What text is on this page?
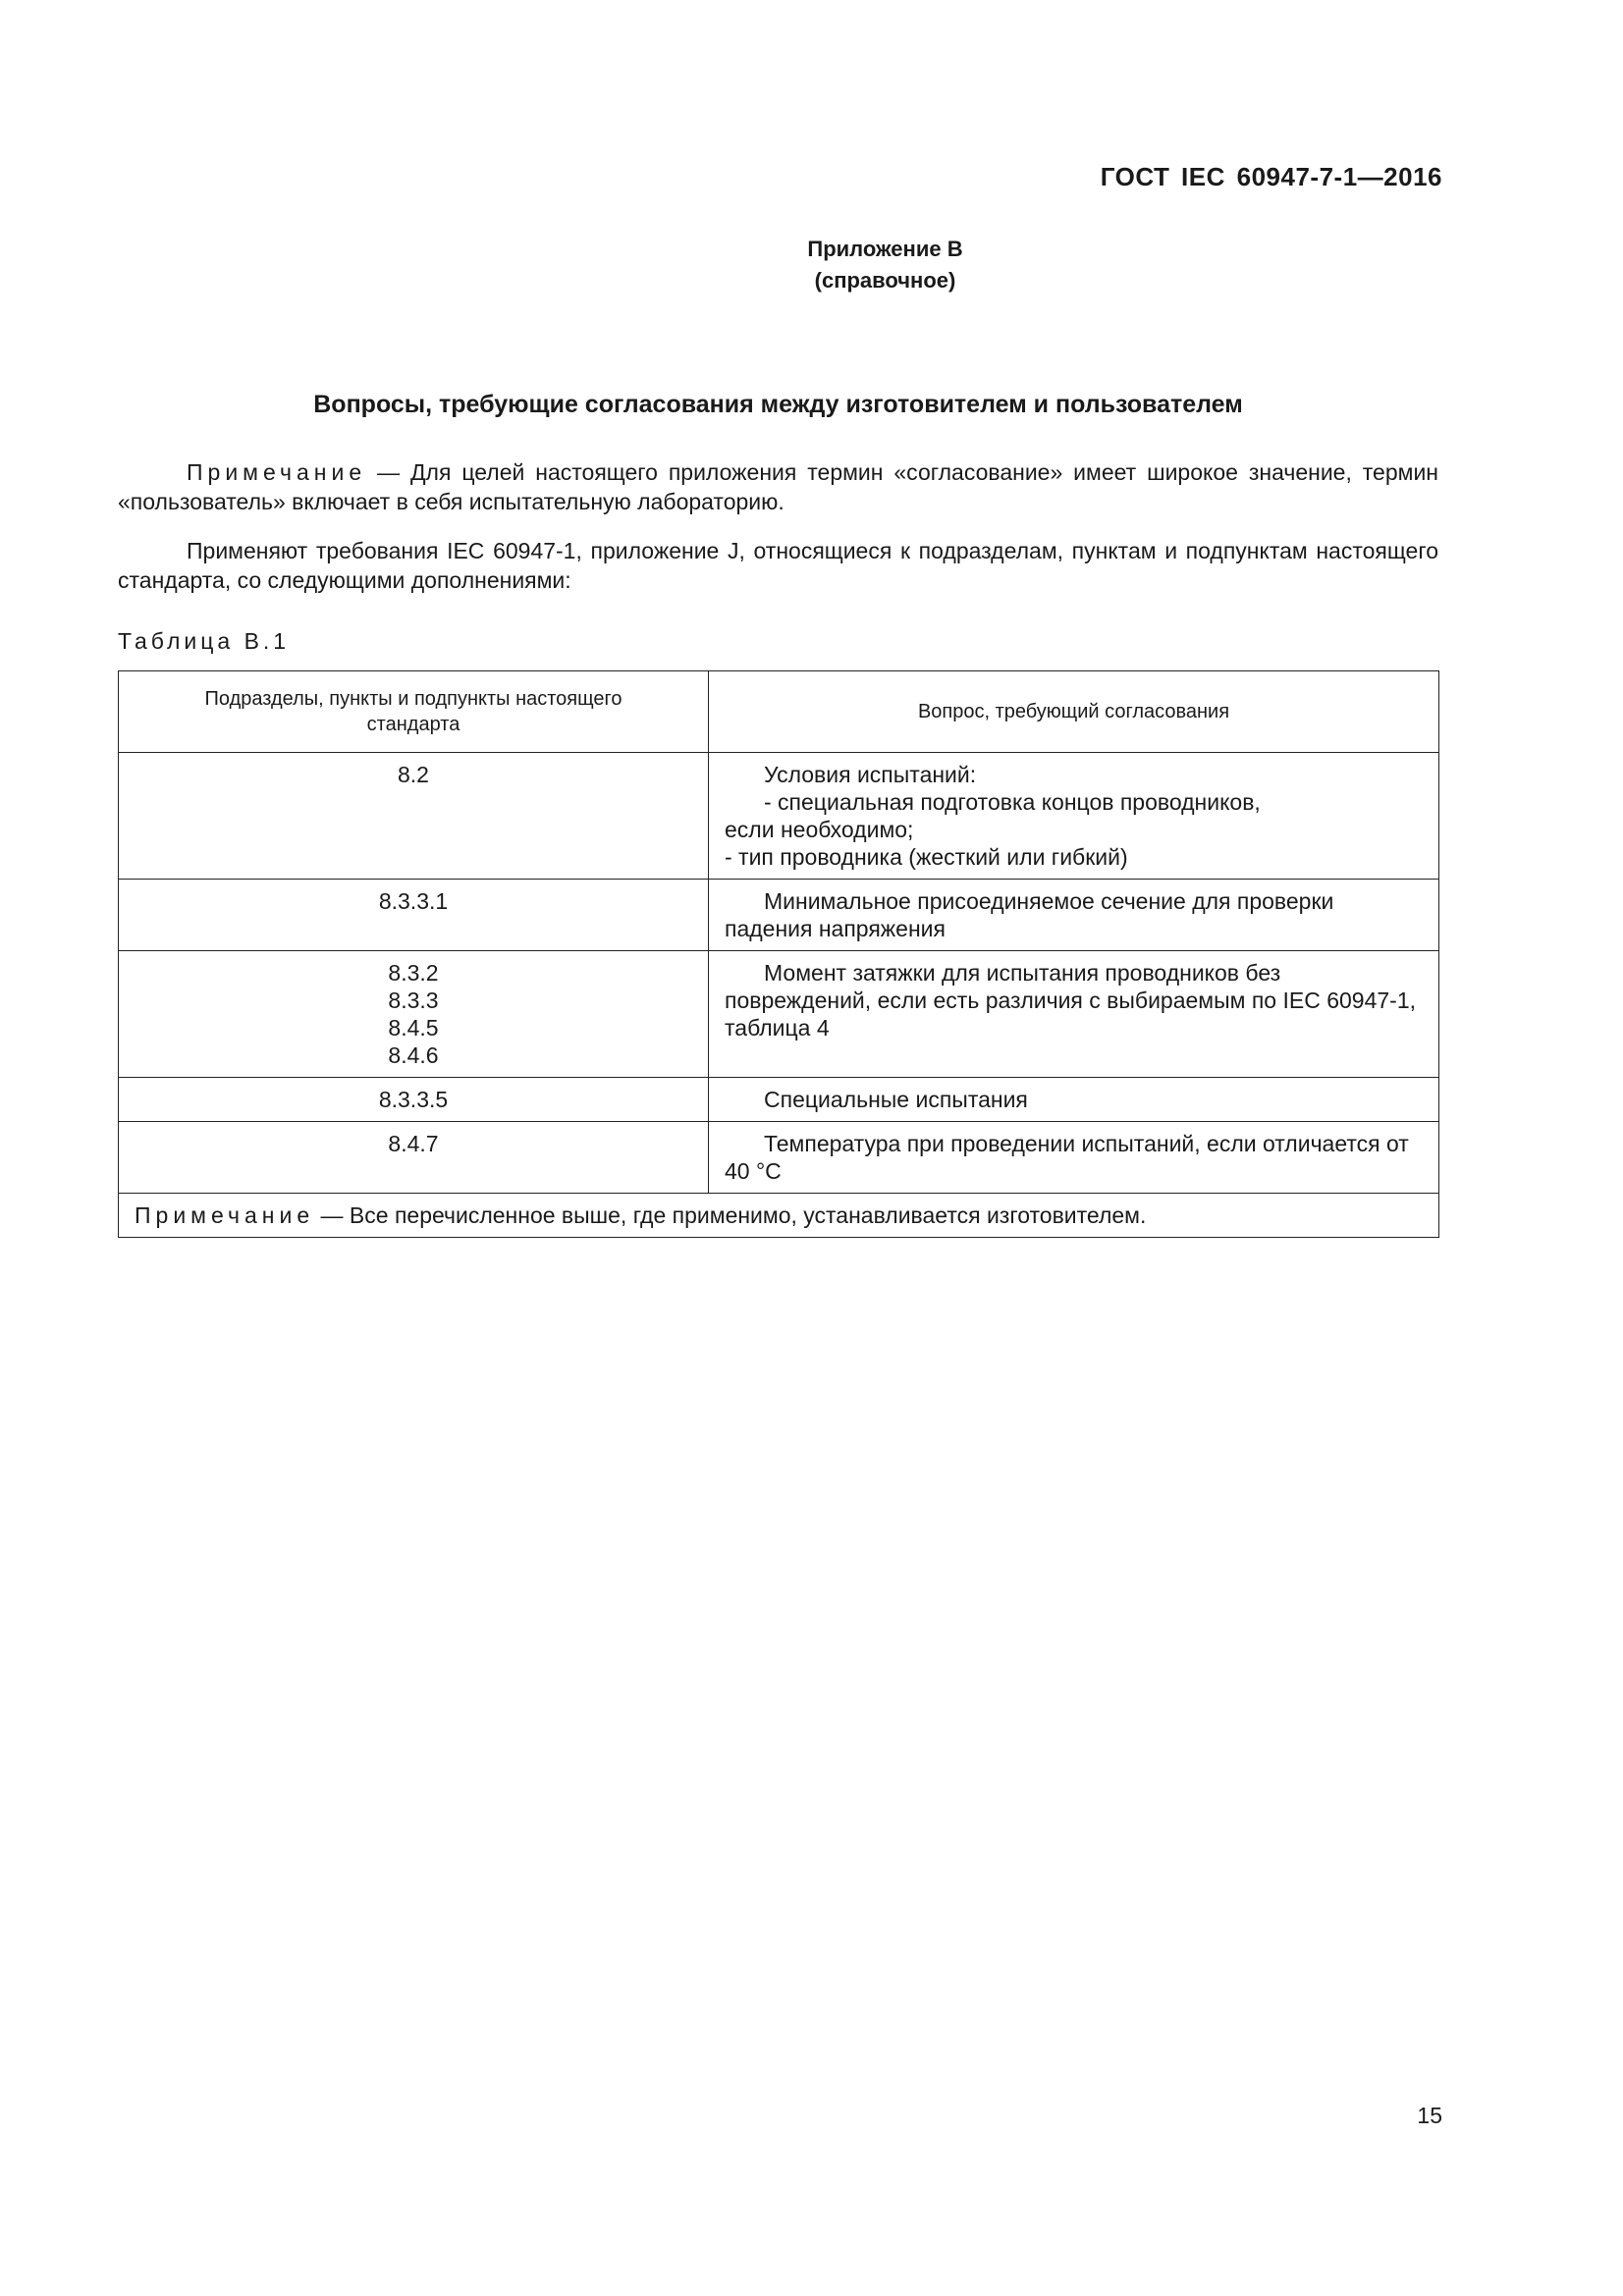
ГОСТ IEC 60947-7-1—2016
Приложение В
(справочное)
Вопросы, требующие согласования между изготовителем и пользователем
Примечание — Для целей настоящего приложения термин «согласование» имеет широкое значение, термин «пользователь» включает в себя испытательную лабораторию.
Применяют требования IEC 60947-1, приложение J, относящиеся к подразделам, пунктам и подпунктам настоящего стандарта, со следующими дополнениями:
Таблица В.1
Подразделы, пункты и подпункты настоящего стандарта	Вопрос, требующий согласования

8.2	Условия испытаний:
- специальная подготовка концов проводников,
если необходимо;
- тип проводника (жесткий или гибкий)

8.3.3.1	Минимальное присоединяемое сечение для проверки падения напряжения

8.3.2
8.3.3
8.4.5
8.4.6	Момент затяжки для испытания проводников без повреждений, если есть различия с выбираемым по IEC 60947-1, таблица 4

8.3.3.5	Специальные испытания

8.4.7	Температура при проведении испытаний, если отличается от 40 °С
Примечание — Все перечисленное выше, где применимо, устанавливается изготовителем.	
15
